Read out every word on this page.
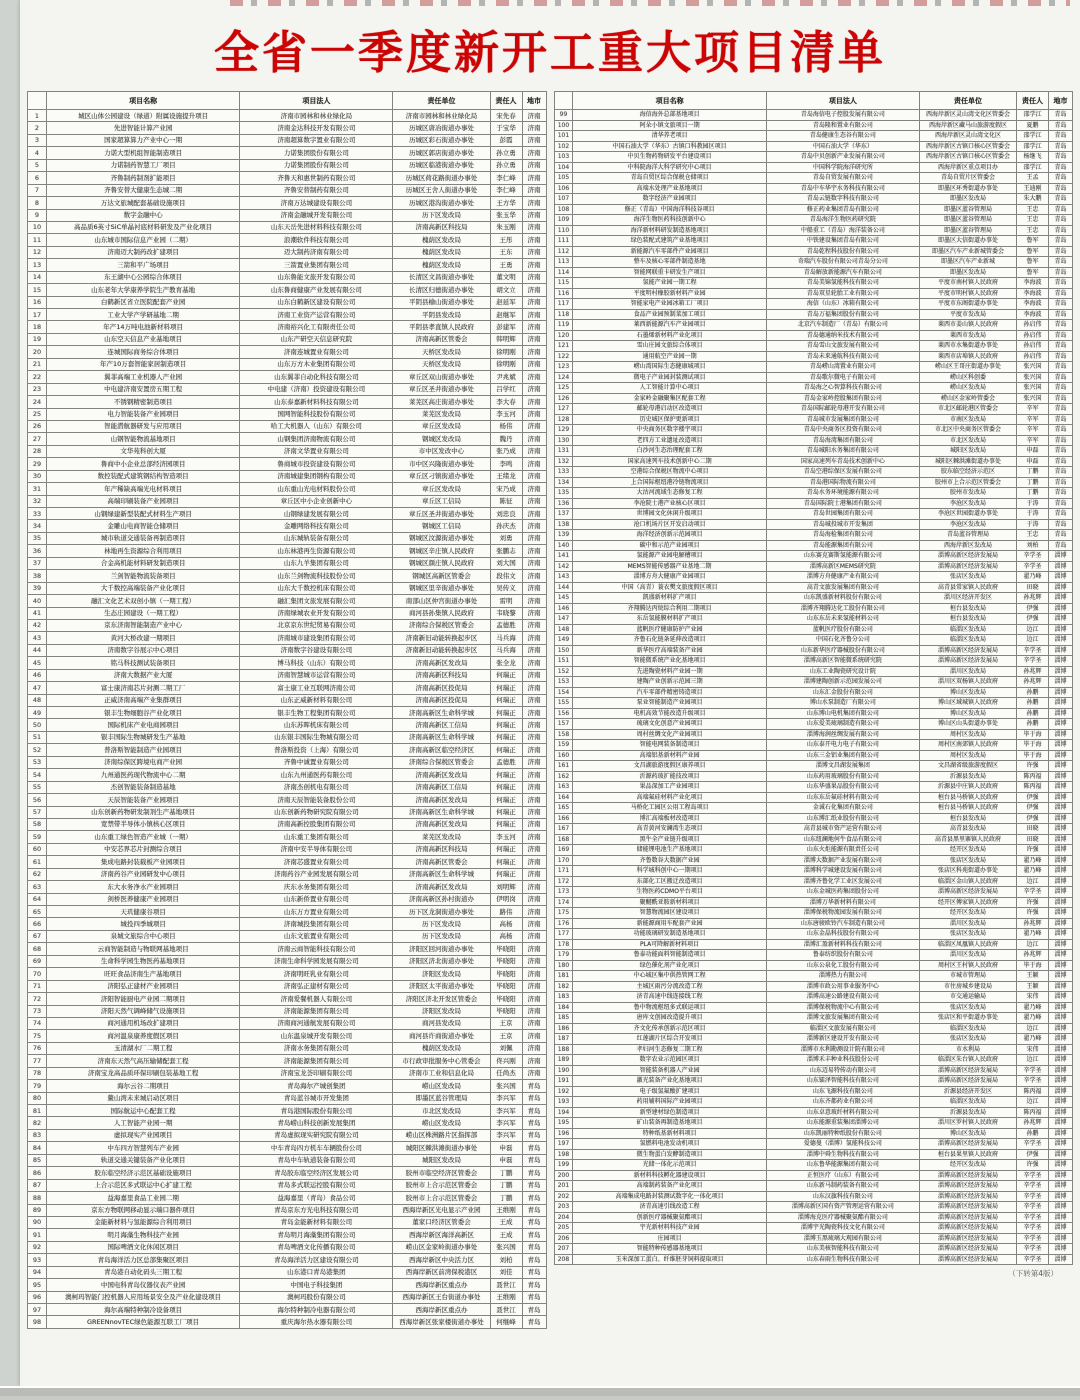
全省一季度新开工重大项目清单
	项目名称	项目法人	责任单位	责任人	地市
1	城区山体公园建设（绿道）附属设施提升项目	济南市园林和林业绿化局	济南市园林和林业绿化局	宋先春	济南
2	先进智能计算产业园	济南金达科技开发有限公司	历城区唐冶街道办事处	于宝华	济南
3	国家超算算力产业中心一期	济南超算数字置业有限公司	历城区彩石街道办事处	彭霞	济南
4	力诺大型机组智能制造项目	力诺集团股份有限公司	历城区郭店街道办事处	孙立勇	济南
5	力诺制药智慧工厂项目	力诺集团股份有限公司	历城区临港街道办事处	孙立勇	济南
6	齐鲁制药制剂扩能项目	齐鲁天和惠世制药有限公司	历城区荷花路街道办事处	李仁峰	济南
7	齐鲁安替大健康生态城二期	齐鲁安替制药有限公司	历城区王舍人街道办事处	李仁峰	济南
8	万达文旅城配套基础设施项目	济南万达城建设有限公司	历城区港沟街道办事处	王方华	济南
9	数字金融中心	济南金融城开发有限公司	历下区发改局	张玉华	济南
10	高品质6英寸SiC单晶衬底材料研发及产业化项目	山东天岳先进材料科技有限公司	济南高新区科技局	朱玉刚	济南
11	山东城市国际信息产业园（二期）	浪潮软件科技有限公司	槐荫区发改局	王彤	济南
12	济南迈大制药改扩建项目	迈大制药济南有限公司	槐荫区发改局	王东	济南
13	三箭和平广场项目	三箭置业集团有限公司	槐荫区发改局	王勇	济南
14	东王湖中心公园综合体项目	山东鲁能文旅开发有限公司	长清区文昌街道办事处	董文明	济南
15	山东老年大学康养学院生产教育基地	山东鲁商健康产业发展有限公司	长清区归德街道办事处	胡文立	济南
16	白鹤新区省立医院配套产业园	山东白鹤新区建设有限公司	平阴县榆山街道办事处	赵延军	济南
17	工业大学产学研基地二期	济南工业资产运营有限公司	平阴县发改局	赵继军	济南
18	年产14万吨电池新材料项目	济南裕兴化工有限责任公司	平阴县孝直镇人民政府	彭建军	济南
19	山东空天信息产业基地项目	山东产研空天信息研究院	济南高新区管委会	韩明辉	济南
20	连城国际商务综合体项目	济南连城置业有限公司	天桥区发改局	徐明刚	济南
21	年产10万套智能家居制造项目	山东万方木业集团有限公司	天桥区发改局	徐明刚	济南
22	翼菲高端工业机器人产业园	山东翼菲自动化科技有限公司	章丘区双山街道办事处	尹兆斌	济南
23	中电建济南安置房五期工程	中电建（济南）投资建设有限公司	章丘区圣井街道办事处	吕学红	济南
24	不锈钢精密制造项目	山东泰嘉新材料科技有限公司	莱芜区高庄街道办事处	李大春	济南
25	电力智能装备产业园项目	国网智能科技股份有限公司	莱芜区发改局	李玉河	济南
26	智能潜航器研发与应用项目	哈工大机器人（山东）有限公司	章丘区发改局	杨伟	济南
27	山钢智能物流基地项目	山钢集团济南物流有限公司	钢城区发改局	魏丹	济南
28	文华苑科创大厦	济南文华置业有限公司	市中区发改中心	张乃成	济南
29	鲁商中小企业总部经济园项目	鲁商城市投资建设有限公司	市中区兴隆街道办事处	李鸣	济南
30	数控装配式建筑钢结构智造项目	济南城建集团钢构有限公司	章丘区刁镇街道办事处	王绪龙	济南
31	年产稀缺高端光电材料项目	山东重山光电材料股份公司	章丘区发改局	宋乃成	济南
32	高端印刷装备产业园项目	章丘区中小企业创新中心	章丘区工信局	陈征	济南
33	山钢绿建新型装配式材料生产项目	山钢绿建发展有限公司	章丘区圣井街道办事处	刘忠良	济南
34	金雕山电商智能仓储项目	金雕网络科技有限公司	钢城区工信局	孙庆杰	济南
35	城市轨道交通装备再制造项目	山东城轨装备有限公司	钢城区汶源街道办事处	刘勇	济南
36	林地再生资源综合利用项目	山东林港再生资源有限公司	钢城区辛庄镇人民政府	张鹏志	济南
37	合金高机能材料研发制造项目	山东九羊集团有限公司	钢城区颜庄镇人民政府	刘大国	济南
38	兰剑智能物流装备项目	山东兰剑物流科技股份公司	钢城区高新区管委会	段伟文	济南
39	大千数控高端装备产业化项目	山东大千数控机床有限公司	钢城区里辛街道办事处	吴传义	济南
40	融汇文化艺术双创小镇（一期工程）	融汇集团文旅发展有限公司	南部山区仲宫街道办事处	雷明	济南
41	生态庄园建设（一期工程）	济南绿城农业开发有限公司	商河县孙集镇人民政府	韦晓黎	济南
42	京东济南智能制造产业中心	北京京东世纪贸易有限公司	济南综合保税区管委会	孟德胜	济南
43	黄河大桥改建一期项目	济南城市建设集团有限公司	济南新旧动能转换起步区	马兵海	济南
44	济南数字谷展示中心项目	济南数字谷建设有限公司	济南新旧动能转换起步区	马兵海	济南
45	铭马科技测试装备项目	博马科技（山东）有限公司	济南高新区发改局	张全龙	济南
46	济南大数据产业大厦	济南智慧城市运营有限公司	济南高新区科技局	何瑞正	济南
47	富士康济南芯片封测二期工厂	富士康工业互联网济南公司	济南高新区投促局	何瑞正	济南
48	正威济南高端产业集群项目	山东正威新材料有限公司	济南高新区投促局	何瑞正	济南
49	银丰生物细胞谷产业化项目	银丰生物工程集团有限公司	济南高新区生命科学城	何瑞正	济南
50	国际机床产业电商园项目	山东苏晖机床有限公司	济南高新区工信局	何瑞正	济南
51	银丰国际生物城研发生产基地	山东银丰国际生物城有限公司	济南高新区生命科学城	何瑞正	济南
52	普洛斯智能制造产业园项目	普洛斯投资（上海）有限公司	济南高新区临空经济区	何瑞正	济南
53	济南综保区跨境电商产业园	齐鲁中诚置业有限公司	济南综合保税区管委会	孟德胜	济南
54	九州通医药现代物流中心二期	山东九州通医药有限公司	济南高新区发改局	何瑞正	济南
55	杰创智能装备制造基地	济南杰创机电有限公司	济南高新区工信局	何瑞正	济南
56	天辰智能装备产业园项目	济南天辰智能装备股份公司	济南高新区发改局	何瑞正	济南
57	山东创新药物研发制剂生产基地项目	山东创新药物研究院有限公司	济南高新区生命科学城	何瑞正	济南
58	宽禁带半导体小镇核心区项目	济南高新控股集团有限公司	济南高新区发改局	何瑞正	济南
59	山东重工绿色智造产业城（一期）	山东重工集团有限公司	莱芜区发改局	李玉河	济南
60	中安芯界芯片封测综合项目	济南中安半导体有限公司	济南高新区科技局	何瑞正	济南
61	集成电路封装载板产业园项目	济南芯盛置业有限公司	济南高新区管委会	何瑞正	济南
62	济南药谷产业园研发中心项目	济南药谷产业园发展有限公司	济南高新区生命科学城	何瑞正	济南
63	东大水务净水产业园项目	庆东水务集团有限公司	济南高新区发改局	刘明辉	济南
64	剑桥医养健康产业园项目	山东新侨置业有限公司	济南高新区孙村街道办	伊明岗	济南
65	天玑健康谷项目	山东万方置业有限公司	历下区龙洞街道办事处	路伟	济南
66	城投四季城项目	济南城投集团有限公司	历下区发改局	高杨	济南
67	泉城文旅综合中心项目	山东文旅置业有限公司	历下区发改局	高杨	济南
68	云商智能制造与物联网基地项目	济南云商智能科技有限公司	济阳区回河街道办事处	毕晓阳	济南
69	生命科学园生物医药基地项目	济南生命科学园发展有限公司	济阳区济北街道办事处	毕晓阳	济南
70	旺旺食品济南生产基地项目	济南明旺乳业有限公司	济阳区发改局	毕晓阳	济南
71	济阳弘正建材产业园项目	济南弘正建材有限公司	济阳区太平街道办事处	毕晓阳	济南
72	济阳智能厨电产业园二期项目	济南爱餐机器人有限公司	济阳区济北开发区管委会	毕晓阳	济南
73	济阳天然气调峰储气设施项目	济南能源集团有限公司	济阳区发改局	毕晓阳	济南
74	商河通用机场改扩建项目	济南商河通航发展有限公司	商河县发改局	王京	济南
75	商河温泉康养度假区项目	山东温泉城开发有限公司	商河县许商街道办事处	王京	济南
76	玉清湖水厂二期工程	济南水务集团有限公司	槐荫区发改局	刘佩	济南
77	济南东天然气高压输储配套工程	济南能源集团有限公司	市行政审批服务中心管委会	佟兴刚	济南
78	济南宝龙高品质环保印刷包装基地工程	济南宝龙荟印刷有限公司	济南市工业和信息化局	任尚杰	济南
79	海尔云谷二期项目	青岛海尔产城创集团	崂山区发改局	张兴国	青岛
80	鳌山湾未来城启动区项目	青岛蓝谷城市开发集团	即墨区蓝谷管理局	李兴军	青岛
81	国际航运中心配套工程	青岛港国际股份有限公司	市北区发改局	李兴军	青岛
82	人工智能产业园一期	青岛崂山科技创新发展集团	崂山区发改局	李兴军	青岛
83	虚拟现实产业园项目	青岛虚拟现实研究院有限公司	崂山区株洲路片区指挥部	李兴军	青岛
84	中车四方智慧列车产业园	中车青岛四方机车车辆股份公司	城阳区棘洪滩街道办事处	申磊	青岛
85	轨道交通关键装备产业化项目	青岛中车轨道装备有限公司	城阳区发改局	申磊	青岛
86	胶东临空经济示范区基础设施项目	青岛胶东临空经济区发展公司	胶州市临空经济区管委会	丁鹏	青岛
87	上合示范区多式联运中心扩建工程	青岛多式联运控股有限公司	胶州市上合示范区管委会	丁鹏	青岛
88	益海嘉里食品工业园二期	益海嘉里（青岛）食品公司	胶州市上合示范区管委会	丁鹏	青岛
89	京东方物联网移动显示端口器件项目	青岛京东方光电科技有限公司	西海岸新区光电显示产业园	王维刚	青岛
90	金能新材料与氢能源综合利用项目	青岛金能新材料有限公司	董家口经济区管委会	王成	青岛
91	明月海藻生物科技产业园	青岛明月海藻集团有限公司	西海岸新区海洋高新区	王成	青岛
92	国际啤酒文化休闲区项目	青岛啤酒文化传播有限公司	崂山区金家岭街道办事处	张兴国	青岛
93	青岛海洋活力区总部集聚区项目	青岛海洋活力区建设有限公司	西海岸新区中央活力区	刘柏	青岛
94	青岛港自动化码头三期工程	山东港口青岛港集团	西海岸新区前湾保税港区	刘佳	青岛
95	中国电科青岛仪器仪表产业园	中国电子科技集团	西海岸新区重点办	聂世江	青岛
96	澳柯玛智能门控机器人应用场景安全及产业化建设项目	澳柯玛股份有限公司	西海岸新区王台街道办事处	王维刚	青岛
97	海尔高端特种制冷设备项目	海尔特种制冷电器有限公司	西海岸新区重点办	聂世江	青岛
98	GREENnovTEC绿色能源互联工厂项目	重庆海尔热水器有限公司	西海岸新区张家楼街道办事处	何继峰	青岛
	项目名称	项目法人	责任单位	责任人	地市
99	海信海外总部基地项目	青岛海信电子控股发展有限公司	西海岸新区灵山湾文化区管委会	邵学江	青岛
100	阿朵小镇文旅项目一期	青岛隆和置业有限公司	西海岸新区藏马山旅游度假区	夏鹏	青岛
101	清华养老项目	青岛健康生态谷有限公司	西海岸新区灵山湾文化区	邵学江	青岛
102	中国石油大学（华东）古镇口科教园区项目	中国石油大学（华东）	西海岸新区古镇口核心区管委会	邵学江	青岛
103	中贝生物药物研发平台建设项目	青岛中贝创新产业发展有限公司	西海岸新区古镇口核心区管委会	杨继飞	青岛
104	中科院海洋大科学研究中心项目	中国科学院海洋研究所	西海岸新区重点项目办	邵学江	青岛
105	青岛自贸区综合保税仓储项目	青岛自贸发展有限公司	青岛自贸片区管委会	王孟	青岛
106	高端水处理产业基地项目	青岛中车华宇水务科技有限公司	即墨区环秀街道办事处	王迪刚	青岛
107	数字经济产业园项目	青岛云链数字科技有限公司	即墨区发改局	朱大鹏	青岛
108	修正（青岛）中国海洋科技谷项目	修正药业集团青岛有限公司	即墨区蓝谷管理局	王忠	青岛
109	海洋生物医药科技创新中心	青岛海洋生物医药研究院	即墨区蓝谷管理局	王忠	青岛
110	海洋新材料研发制造基地项目	中船重工（青岛）海洋装备公司	即墨区蓝谷管理局	王忠	青岛
111	绿色装配式建筑产业基地项目	中铁建设集团青岛有限公司	即墨区大信街道办事处	鲁军	青岛
112	新能源汽车零部件产业园项目	青岛乾程科技股份有限公司	即墨区汽车产业新城管委会	鲁军	青岛
113	整车及核心零部件制造基地	奇瑞汽车股份有限公司青岛分公司	即墨区汽车产业新城	鲁军	青岛
114	智能网联重卡研发生产项目	青岛解放新能源汽车有限公司	即墨区发改局	鲁军	青岛
115	氢能产业园一期工程	青岛美锦氢能科技有限公司	平度市南村镇人民政府	李海波	青岛
116	平度明村橡胶新材料产业园	青岛双星轮胎工业有限公司	平度市明村镇人民政府	李海波	青岛
117	智能家电产业园冰箱工厂项目	海信（山东）冰箱有限公司	平度市东阁街道办事处	李海波	青岛
118	食品产业园预制菜加工项目	青岛万福集团股份有限公司	平度市发改局	李海波	青岛
119	莱西新能源汽车产业园项目	北京汽车制造厂（青岛）有限公司	莱西市姜山镇人民政府	孙启伟	青岛
120	石墨烯新材料产业化项目	青岛德通纳米技术有限公司	莱西市发改局	孙启伟	青岛
121	雪山庄园文旅综合体项目	青岛雪山文旅发展有限公司	莱西市水集街道办事处	孙启伟	青岛
122	通用航空产业园一期	青岛未来通航科技有限公司	莱西市店埠镇人民政府	孙启伟	青岛
123	崂山湾国际生态健康城项目	青岛崂山湾置业有限公司	崂山区王哥庄街道办事处	张兴国	青岛
124	微电子产业园封装测试项目	青岛歌尔微电子有限公司	崂山区科创委	张兴国	青岛
125	人工智能计算中心项目	青岛海之心智算科技有限公司	崂山区发改局	张兴国	青岛
126	金家岭金融聚集区配套工程	青岛金家岭控股集团有限公司	崂山区金家岭管委会	张兴国	青岛
127	邮轮母港启动区改造项目	青岛国际邮轮母港开发有限公司	市北区邮轮港区管委会	辛军	青岛
128	历史城区保护更新项目	青岛城市发展集团有限公司	市南区发改局	辛军	青岛
129	中央商务区数字楼宇项目	青岛中央商务区投资有限公司	市北区中央商务区管委会	辛军	青岛
130	老四方工业遗址改造项目	青岛海湾集团有限公司	市北区发改局	辛军	青岛
131	白沙河生态治理配套工程	青岛城阳水务集团有限公司	城阳区发改局	申磊	青岛
132	国家高速列车技术创新中心二期	国家高速列车青岛技术创新中心	城阳区棘洪滩街道办事处	申磊	青岛
133	空港综合保税区物流中心项目	青岛空港综保区发展有限公司	胶东临空经济示范区	丁鹏	青岛
134	上合国际枢纽港冷链物流项目	青岛港国际物流有限公司	胶州市上合示范区管委会	丁鹏	青岛
135	大沽河流域生态修复工程	青岛水务环境能源有限公司	胶州市发改局	丁鹏	青岛
136	李沧院士港产业核心区项目	青岛国际院士港集团有限公司	李沧区发改局	于涛	青岛
137	世博园文化休闲升级项目	青岛世园集团有限公司	李沧区世园街道办事处	于涛	青岛
138	沧口机场片区开发启动项目	青岛城投城市开发集团	李沧区发改局	于涛	青岛
139	海洋经济创新示范园项目	青岛海检集团有限公司	青岛蓝谷管理局	王忠	青岛
140	碳中和示范产业园项目	青岛能源集团有限公司	西海岸新区发改局	刘柏	青岛
141	氢能源产业园电解槽项目	山东赛克赛斯氢能源有限公司	淄博高新区经济发展局	辛学圣	淄博
142	MEMS智能传感器产业基地二期	淄博高新区MEMS研究院	淄博高新区经济发展局	辛学圣	淄博
143	淄博方舟大健康产业园项目	淄博方舟健康产业有限公司	张店区发改局	翟乃峰	淄博
144	中国（高青）蓑衣樊文旅度假区项目	高青文旅发展集团有限公司	高青县常家镇人民政府	田晓	淄博
145	凯盛新材料扩产项目	山东凯盛新材料股份有限公司	淄川区经济开发区	孙兆辉	淄博
146	齐翔腾达丙烷综合利用二期项目	淄博齐翔腾达化工股份有限公司	桓台县发改局	伊强	淄博
147	东岳氢能膜材料扩产项目	山东东岳未来氢能材料公司	桓台县发改局	伊强	淄博
148	蓝帆医疗健康防护产业园	蓝帆医疗股份有限公司	临淄区发改局	边江	淄博
149	齐鲁石化链条延伸改造项目	中国石化齐鲁分公司	临淄区发改局	边江	淄博
150	新华医疗高端装备产业园	山东新华医疗器械股份有限公司	淄博高新区经济发展局	辛学圣	淄博
151	智能微系统产业化基地项目	淄博高新区智能微系统研究院	淄博高新区经济发展局	辛学圣	淄博
152	先进陶瓷材料产业园一期	山东工业陶瓷研究设计院	淄川区发改局	孙兆辉	淄博
153	建陶产业创新示范园三期	淄博建陶创新示范园发展公司	淄川区双杨镇人民政府	孙兆辉	淄博
154	汽车零部件精密铸造项目	山东汇金股份有限公司	博山区发改局	孙鹏	淄博
155	泵业智能制造产业园项目	博山水泵制造厂有限公司	博山区域城镇人民政府	孙鹏	淄博
156	电机高效节能改造升级项目	山东博山电机集团有限公司	博山区发改局	孙鹏	淄博
157	琉璃文化创意产业园项目	山东爱美琉璃制造有限公司	博山区山头街道办事处	孙鹏	淄博
158	周村丝绸文化产业园项目	淄博海润丝绸发展有限公司	周村区发改局	毕于海	淄博
159	智能电网装备制造项目	山东泰开电力电子有限公司	周村区南郊镇人民政府	毕于海	淄博
160	高端铝基新材料产业园	山东三金铝业集团有限公司	周村区发改局	毕于海	淄博
161	文昌湖旅游度假区康养项目	淄博文昌湖发展集团	文昌湖省级旅游度假区	许强	淄博
162	沂源药玻扩能技改项目	山东药用玻璃股份有限公司	沂源县发改局	陈丙福	淄博
163	果品深加工产业园项目	山东华盛果品股份有限公司	沂源县中庄镇人民政府	陈丙福	淄博
164	高端氟硅材料产业化项目	山东东岳氟硅材料有限公司	桓台县马桥镇人民政府	伊强	淄博
165	马桥化工园区公用工程岛项目	金诚石化集团有限公司	桓台县马桥镇人民政府	伊强	淄博
166	博汇高端板材改造项目	山东博汇纸业股份有限公司	桓台县发改局	伊强	淄博
167	高青黄河安澜湾生态项目	高青县城市资产运营有限公司	高青县发改局	田晓	淄博
168	黑牛全产业链升级项目	山东纽澜地何牛食品有限公司	高青县黑里寨镇人民政府	田晓	淄博
169	储能锂电池生产基地项目	山东火炬能源有限责任公司	经开区发改局	许强	淄博
170	齐鲁数谷大数据产业园	淄博大数据产业发展有限公司	张店区发改局	翟乃峰	淄博
171	科学城科创中心一期项目	淄博科学城建设发展有限公司	张店区科苑街道办事处	翟乃峰	淄博
172	东部化工区搬迁改造项目	淄博齐鲁化学工业区发展公司	临淄区金山镇人民政府	边江	淄博
173	生物医药CDMO平台项目	山东金城医药集团股份公司	淄博高新区经济发展局	辛学圣	淄博
174	聚醚酰亚胺新材料项目	淄博万华新材料有限公司	经开区傅家镇人民政府	许强	淄博
175	智慧物流园区建设项目	淄博保税物流园发展有限公司	经开区发改局	许强	淄博
176	新能源商用车配套产业园	山东唐骏欧铃汽车制造有限公司	淄川区发改局	孙兆辉	淄博
177	功能玻璃研发制造基地项目	山东金晶科技股份有限公司	张店区发改局	翟乃峰	淄博
178	PLA可降解新材料项目	淄博汇盈新材料科技有限公司	临淄区凤凰镇人民政府	边江	淄博
179	鲁泰功能面料智能制造项目	鲁泰纺织股份有限公司	淄川区发改局	孙兆辉	淄博
180	绿色催化剂产业化项目	山东公泉化工股份有限公司	周村区王村镇人民政府	毕于海	淄博
181	中心城区集中供热管网工程	淄博热力有限公司	市城市管理局	王颖	淄博
182	主城区雨污分流改造工程	淄博市政公用事业服务中心	市住房城乡建设局	王颖	淄博
183	济青高速中线连接线工程	淄博高速公路建设有限公司	市交通运输局	宋伟	淄博
184	鲁中物流枢纽多式联运项目	淄博保税物流中心有限公司	张店区发改局	翟乃峰	淄博
185	唐库文创园改造提升项目	淄博文旅发展集团有限公司	张店区和平街道办事处	翟乃峰	淄博
186	齐文化传承创新示范区项目	临淄区文旅发展有限公司	临淄区发改局	边江	淄博
187	红莲湖片区综合开发项目	淄博新区建设开发有限公司	张店区发改局	翟乃峰	淄博
188	孝妇河生态修复二期工程	淄博市水利勘测设计院有限公司	市水利局	宋伟	淄博
189	数字农业示范园区项目	淄博禾丰种业科技股份公司	临淄区朱台镇人民政府	边江	淄博
190	智能装备机器人产业园	山东迈易特传动有限公司	淄博高新区经济发展局	辛学圣	淄博
191	激光装备产业化基地项目	山东镭泽智能科技有限公司	淄博高新区经济发展局	辛学圣	淄博
192	电子级氢氟酸扩建项目	山东飞源科技有限公司	沂源县经济开发区	陈丙福	淄博
193	药用辅料国际产业园项目	山东齐都药业有限公司	临淄区发改局	边江	淄博
194	新型建材绿色制造项目	山东卓意玻纤材料有限公司	沂源县发改局	陈丙福	淄博
195	矿山装备再制造基地项目	山东能源重装集团淄博公司	淄川区罗村镇人民政府	孙兆辉	淄博
196	特种纸基新材料项目	山东凯丽特种纸股份有限公司	博山区发改局	孙鹏	淄博
197	氢燃料电池发动机项目	爱德曼（淄博）氢能科技公司	淄博高新区经济发展局	辛学圣	淄博
198	微生物蛋白发酵制造项目	淄博中舜生物科技有限公司	桓台县果里镇人民政府	伊强	淄博
199	光储一体化示范项目	山东鲁华能源集团有限公司	经开区发改局	许强	淄博
200	新材料科技孵化器建设项目	正恒医疗（山东）有限公司	淄博高新区经济发展局	辛学圣	淄博
201	高端制药装备产业化项目	山东新马制药装备有限公司	淄博高新区经济发展局	辛学圣	淄博
202	高端集成电路封装测试数字化一体化项目	山东汉旗科技有限公司	淄博高新区经济发展局	辛学圣	淄博
203	济青高速引线改造工程	淄博高新区国有资产管理运营有限公司	淄博高新区经济发展局	辛学圣	淄博
204	创新医疗器械聚氨酯项目	淄博海克医疗器械聚氨酯有限公司	淄博高新区经济发展局	辛学圣	淄博
205	宇光新材料科技产业园	淄博宇光陶瓷科技文化有限公司	淄博高新区经济发展局	辛学圣	淄博
206	庄园项目	淄博玉黑琉璃大观园有限公司	淄博高新区经济发展局	辛学圣	淄博
207	智能特种传感器基地项目	山东美核智能科技有限公司	淄博高新区经济发展局	辛学圣	淄博
208	玉米深加工蛋白、纤维胚芽饲料提取项目	山东春雨生物科技有限公司	淄博高新区经济发展局	辛学圣	淄博
（下转第4版）
